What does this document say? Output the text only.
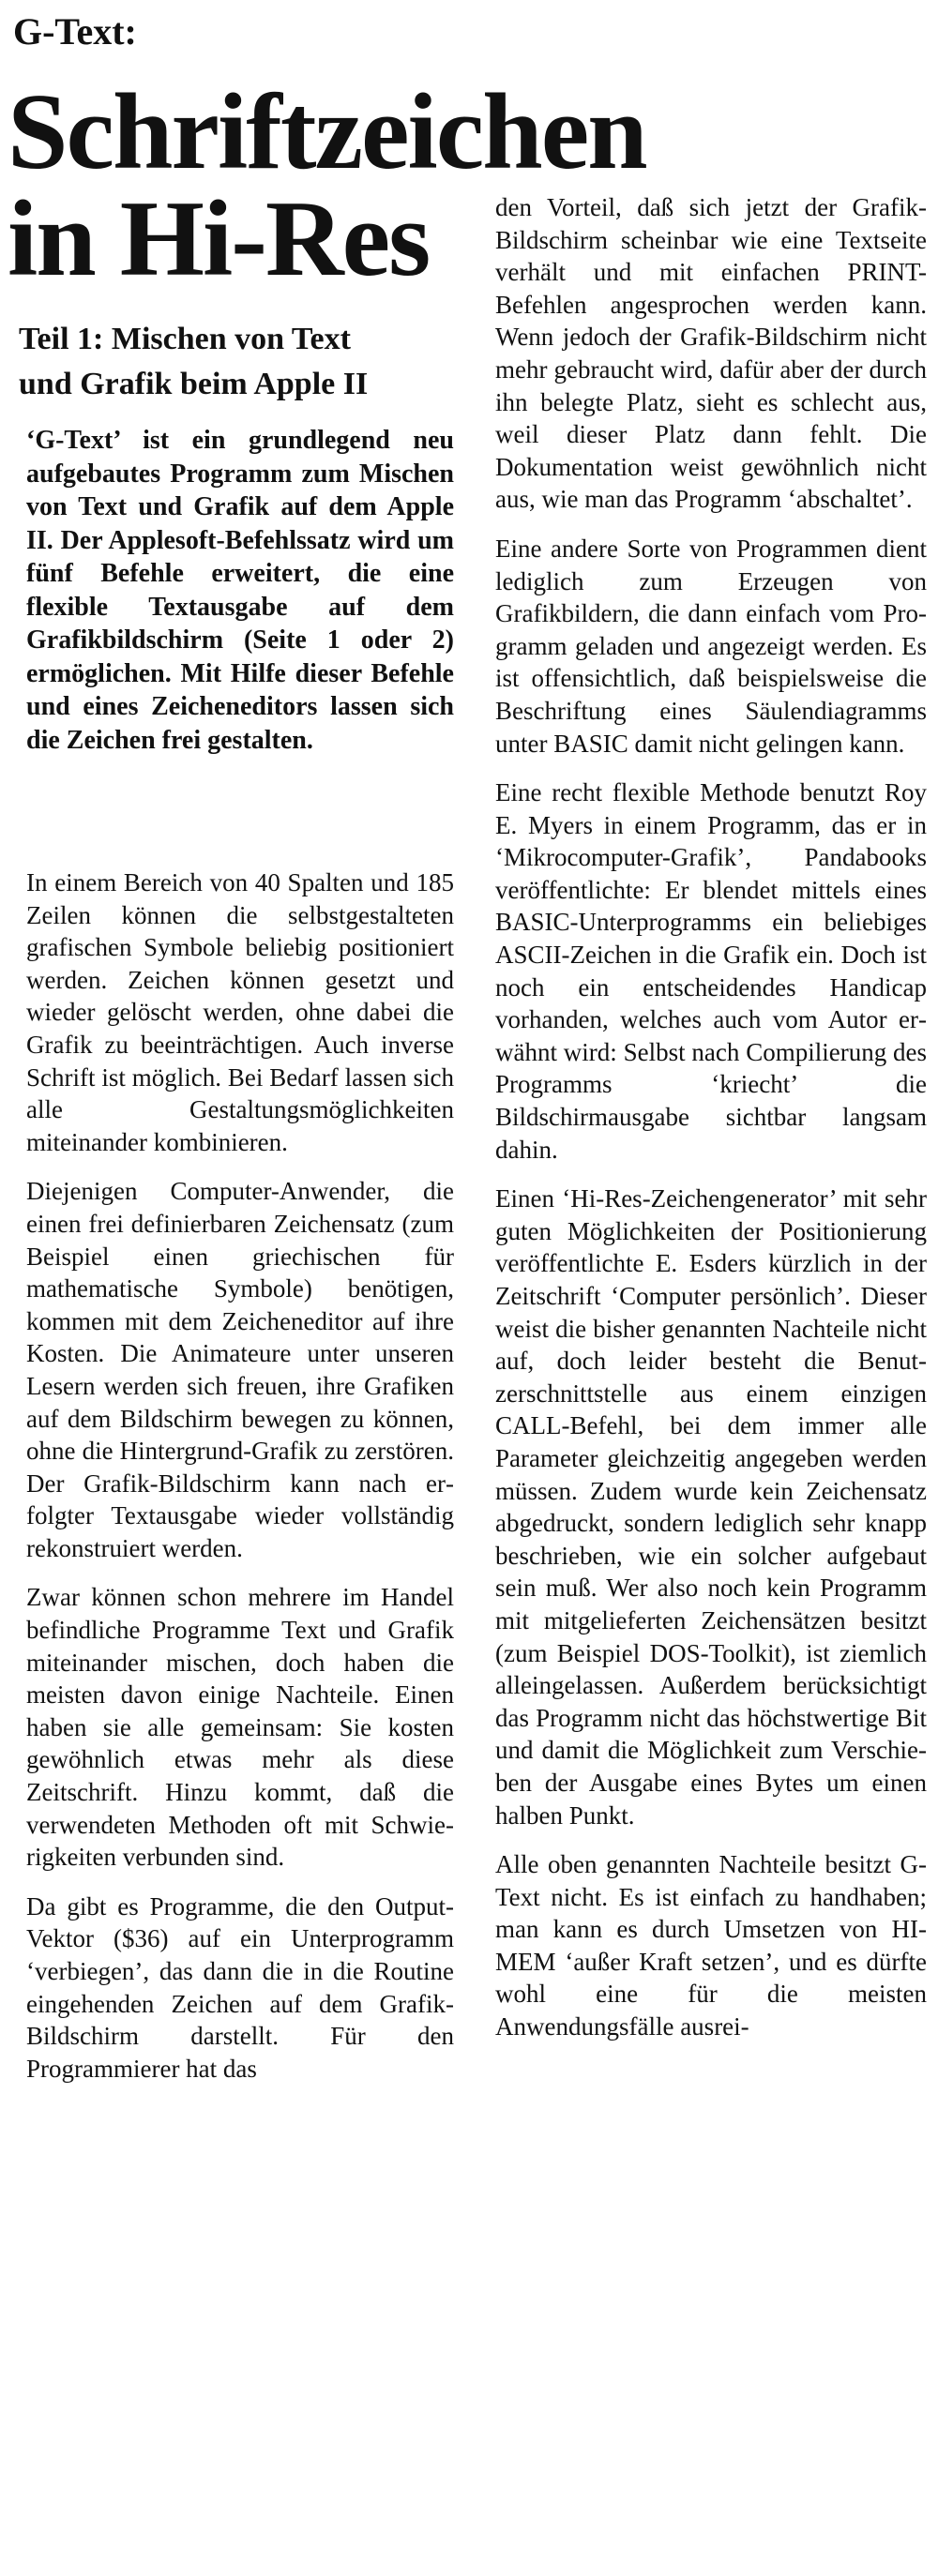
G-Text:
Schriftzeichen
in Hi-Res
Teil 1: Mischen von Text
und Grafik beim Apple II

‘G-Text’ ist ein grundlegend neu aufgebautes Programm zum Mischen von Text und Grafik auf dem Apple II. Der Applesoft-Befehlssatz wird um fünf Befehle erweitert, die eine flexible Textausgabe auf dem Grafikbildschirm (Seite 1 oder 2) ermöglichen. Mit Hilfe dieser Befehle und eines Zeicheneditors lassen sich die Zeichen frei gestalten.

In einem Bereich von 40 Spalten und 185 Zeilen können die selbstgestalteten grafischen Symbole beliebig positioniert werden. Zeichen können gesetzt und wieder gelöscht werden, ohne dabei die Grafik zu beeinträchtigen. Auch inverse Schrift ist möglich. Bei Bedarf lassen sich alle Gestaltungsmöglichkeiten miteinander kombinieren.

Diejenigen Computer-Anwender, die einen frei definierbaren Zeichensatz (zum Beispiel einen griechischen für mathematische Symbole) benötigen, kommen mit dem Zeicheneditor auf ihre Kosten. Die Animateure unter unseren Lesern werden sich freuen, ihre Grafiken auf dem Bildschirm bewegen zu können, ohne die Hintergrund-Grafik zu zerstören. Der Grafik-Bildschirm kann nach erfolgter Textausgabe wieder vollständig rekonstruiert werden.

Zwar können schon mehrere im Handel befindliche Programme Text und Grafik miteinander mischen, doch haben die meisten davon einige Nachteile. Einen haben sie alle gemeinsam: Sie kosten gewöhnlich etwas mehr als diese Zeitschrift. Hinzu kommt, daß die verwendeten Methoden oft mit Schwierigkeiten verbunden sind.

Da gibt es Programme, die den Output-Vektor ($36) auf ein Unterprogramm ‘verbiegen’, das dann die in die Routine eingehenden Zeichen auf dem Grafik-Bildschirm darstellt. Für den Programmierer hat das

den Vorteil, daß sich jetzt der Grafik-Bildschirm scheinbar wie eine Textseite verhält und mit einfachen PRINT-Befehlen angesprochen werden kann. Wenn jedoch der Grafik-Bildschirm nicht mehr gebraucht wird, dafür aber der durch ihn belegte Platz, sieht es schlecht aus, weil dieser Platz dann fehlt. Die Dokumentation weist gewöhnlich nicht aus, wie man das Programm ‘abschaltet’.

Eine andere Sorte von Programmen dient lediglich zum Erzeugen von Grafikbildern, die dann einfach vom Programm geladen und angezeigt werden. Es ist offensichtlich, daß beispielsweise die Beschriftung eines Säulendiagramms unter BASIC damit nicht gelingen kann.

Eine recht flexible Methode benutzt Roy E. Myers in einem Programm, das er in ‘Mikrocomputer-Grafik’, Pandabooks veröffentlichte: Er blendet mittels eines BASIC-Unterprogramms ein beliebiges ASCII-Zeichen in die Grafik ein. Doch ist noch ein entscheidendes Handicap vorhanden, welches auch vom Autor erwähnt wird: Selbst nach Compilierung des Programms ‘kriecht’ die Bildschirmausgabe sichtbar langsam dahin.

Einen ‘Hi-Res-Zeichengenerator’ mit sehr guten Möglichkeiten der Positionierung veröffentlichte E. Esders kürzlich in der Zeitschrift ‘Computer persönlich’. Dieser weist die bisher genannten Nachteile nicht auf, doch leider besteht die Benutzerschnittstelle aus einem einzigen CALL-Befehl, bei dem immer alle Parameter gleichzeitig angegeben werden müssen. Zudem wurde kein Zeichensatz abgedruckt, sondern lediglich sehr knapp beschrieben, wie ein solcher aufgebaut sein muß. Wer also noch kein Programm mit mitgelieferten Zeichensätzen besitzt (zum Beispiel DOS-Toolkit), ist ziemlich alleingelassen. Außerdem berücksichtigt das Programm nicht das höchstwertige Bit und damit die Möglichkeit zum Verschieben der Ausgabe eines Bytes um einen halben Punkt.

Alle oben genannten Nachteile besitzt G-Text nicht. Es ist einfach zu handhaben; man kann es durch Umsetzen von HIMEM ‘außer Kraft setzen’, und es dürfte wohl eine für die meisten Anwendungsfälle ausrei-
